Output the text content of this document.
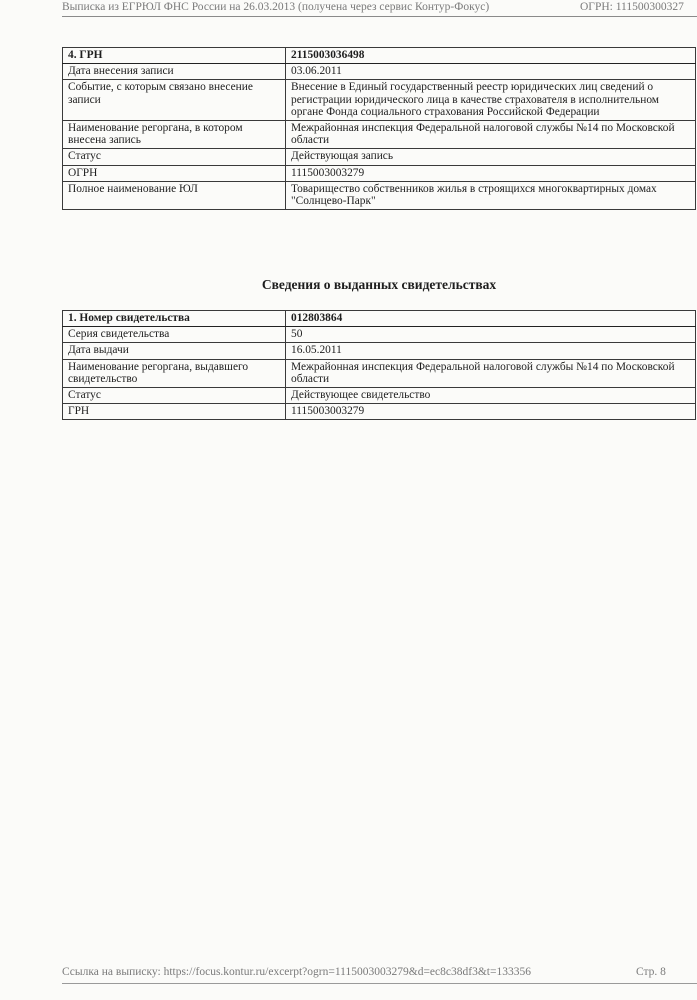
Выписка из ЕГРЮЛ ФНС России на 26.03.2013 (получена через сервис Контур-Фокус)	ОГРН: 111500300327
4. ГРН	2115003036498
Дата внесения записи	03.06.2011
Событие, с которым связано внесение записи	Внесение в Единый государственный реестр юридических лиц сведений о регистрации юридического лица в качестве страхователя в исполнительном органе Фонда социального страхования Российской Федерации
Наименование регоргана, в котором внесена запись	Межрайонная инспекция Федеральной налоговой службы №14 по Московской области
Статус	Действующая запись
ОГРН	1115003003279
Полное наименование ЮЛ	Товарищество собственников жилья в строящихся многоквартирных домах "Солнцево-Парк"
Сведения о выданных свидетельствах
1. Номер свидетельства	012803864
Серия свидетельства	50
Дата выдачи	16.05.2011
Наименование регоргана, выдавшего свидетельство	Межрайонная инспекция Федеральной налоговой службы №14 по Московской области
Статус	Действующее свидетельство
ГРН	1115003003279
Ссылка на выписку: https://focus.kontur.ru/excerpt?ogrn=1115003003279&d=ec8c38df3&t=133356	Стр. 8
